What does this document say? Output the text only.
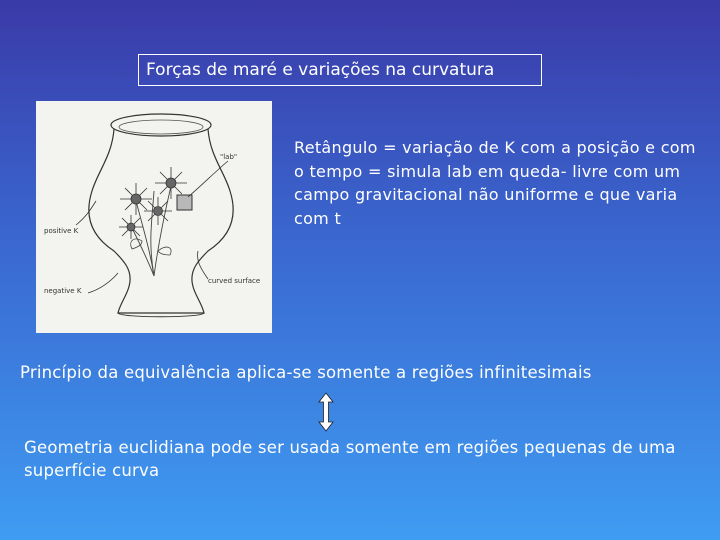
Forças de maré e variações na curvatura
"lab"
positive K
negative K
curved surface
Retângulo = variação de K com a posição e com o tempo = simula lab em queda- livre com um campo gravitacional não uniforme e que varia com t
Princípio da equivalência aplica-se somente a regiões infinitesimais
Geometria euclidiana pode ser usada somente em regiões pequenas de uma superfície curva
